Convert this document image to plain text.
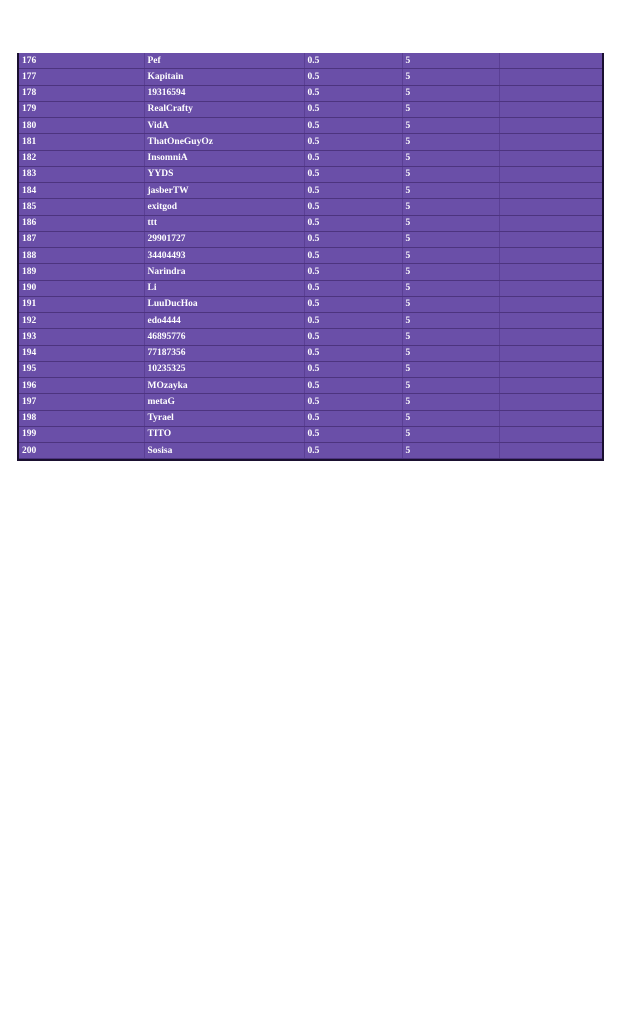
176	Pef	0.5	5	
177	Kapitain	0.5	5	
178	19316594	0.5	5	
179	RealCrafty	0.5	5	
180	VidA	0.5	5	
181	ThatOneGuyOz	0.5	5	
182	InsomniA	0.5	5	
183	YYDS	0.5	5	
184	jasberTW	0.5	5	
185	exitgod	0.5	5	
186	ttt	0.5	5	
187	29901727	0.5	5	
188	34404493	0.5	5	
189	Narindra	0.5	5	
190	Li	0.5	5	
191	LuuDucHoa	0.5	5	
192	edo4444	0.5	5	
193	46895776	0.5	5	
194	77187356	0.5	5	
195	10235325	0.5	5	
196	MOzayka	0.5	5	
197	metaG	0.5	5	
198	Tyrael	0.5	5	
199	TITO	0.5	5	
200	Sosisa	0.5	5	
